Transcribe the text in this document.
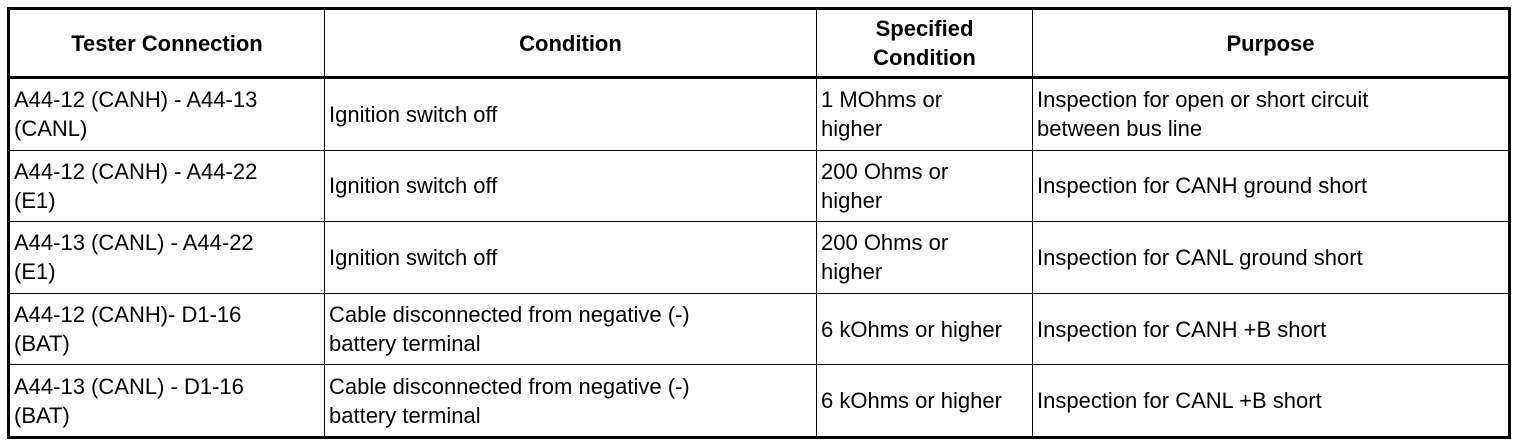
Tester Connection	Condition	Specified Condition	Purpose
A44-12 (CANH) - A44-13 (CANL)	Ignition switch off	1 MOhms or higher	Inspection for open or short circuit between bus line
A44-12 (CANH) - A44-22 (E1)	Ignition switch off	200 Ohms or higher	Inspection for CANH ground short
A44-13 (CANL) - A44-22 (E1)	Ignition switch off	200 Ohms or higher	Inspection for CANL ground short
A44-12 (CANH)- D1-16 (BAT)	Cable disconnected from negative (-) battery terminal	6 kOhms or higher	Inspection for CANH +B short
A44-13 (CANL) - D1-16 (BAT)	Cable disconnected from negative (-) battery terminal	6 kOhms or higher	Inspection for CANL +B short
